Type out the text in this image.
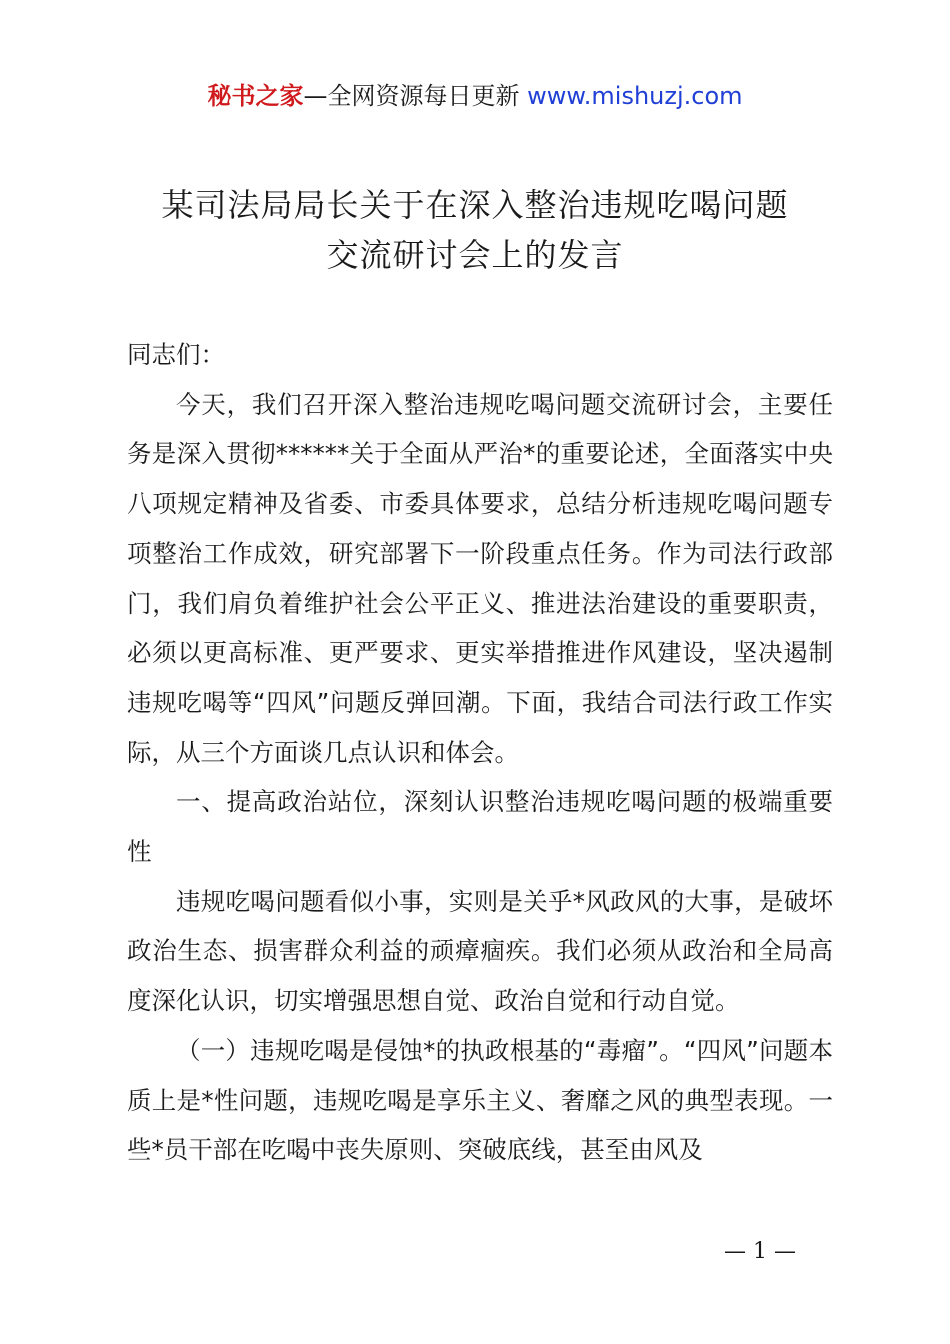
秘书之家—全网资源每日更新 www.mishuzj.com
某司法局局长关于在深入整治违规吃喝问题
交流研讨会上的发言

同志们：

今天，我们召开深入整治违规吃喝问题交流研讨会，主要任务是深入贯彻******关于全面从严治*的重要论述，全面落实中央八项规定精神及省委、市委具体要求，总结分析违规吃喝问题专项整治工作成效，研究部署下一阶段重点任务。作为司法行政部门，我们肩负着维护社会公平正义、推进法治建设的重要职责，必须以更高标准、更严要求、更实举措推进作风建设，坚决遏制违规吃喝等“四风”问题反弹回潮。下面，我结合司法行政工作实际，从三个方面谈几点认识和体会。

一、提高政治站位，深刻认识整治违规吃喝问题的极端重要性

违规吃喝问题看似小事，实则是关乎*风政风的大事，是破坏政治生态、损害群众利益的顽瘴痼疾。我们必须从政治和全局高度深化认识，切实增强思想自觉、政治自觉和行动自觉。

（一）违规吃喝是侵蚀*的执政根基的“毒瘤”。“四风”问题本质上是*性问题，违规吃喝是享乐主义、奢靡之风的典型表现。一些*员干部在吃喝中丧失原则、突破底线，甚至由风及

— 1 —
